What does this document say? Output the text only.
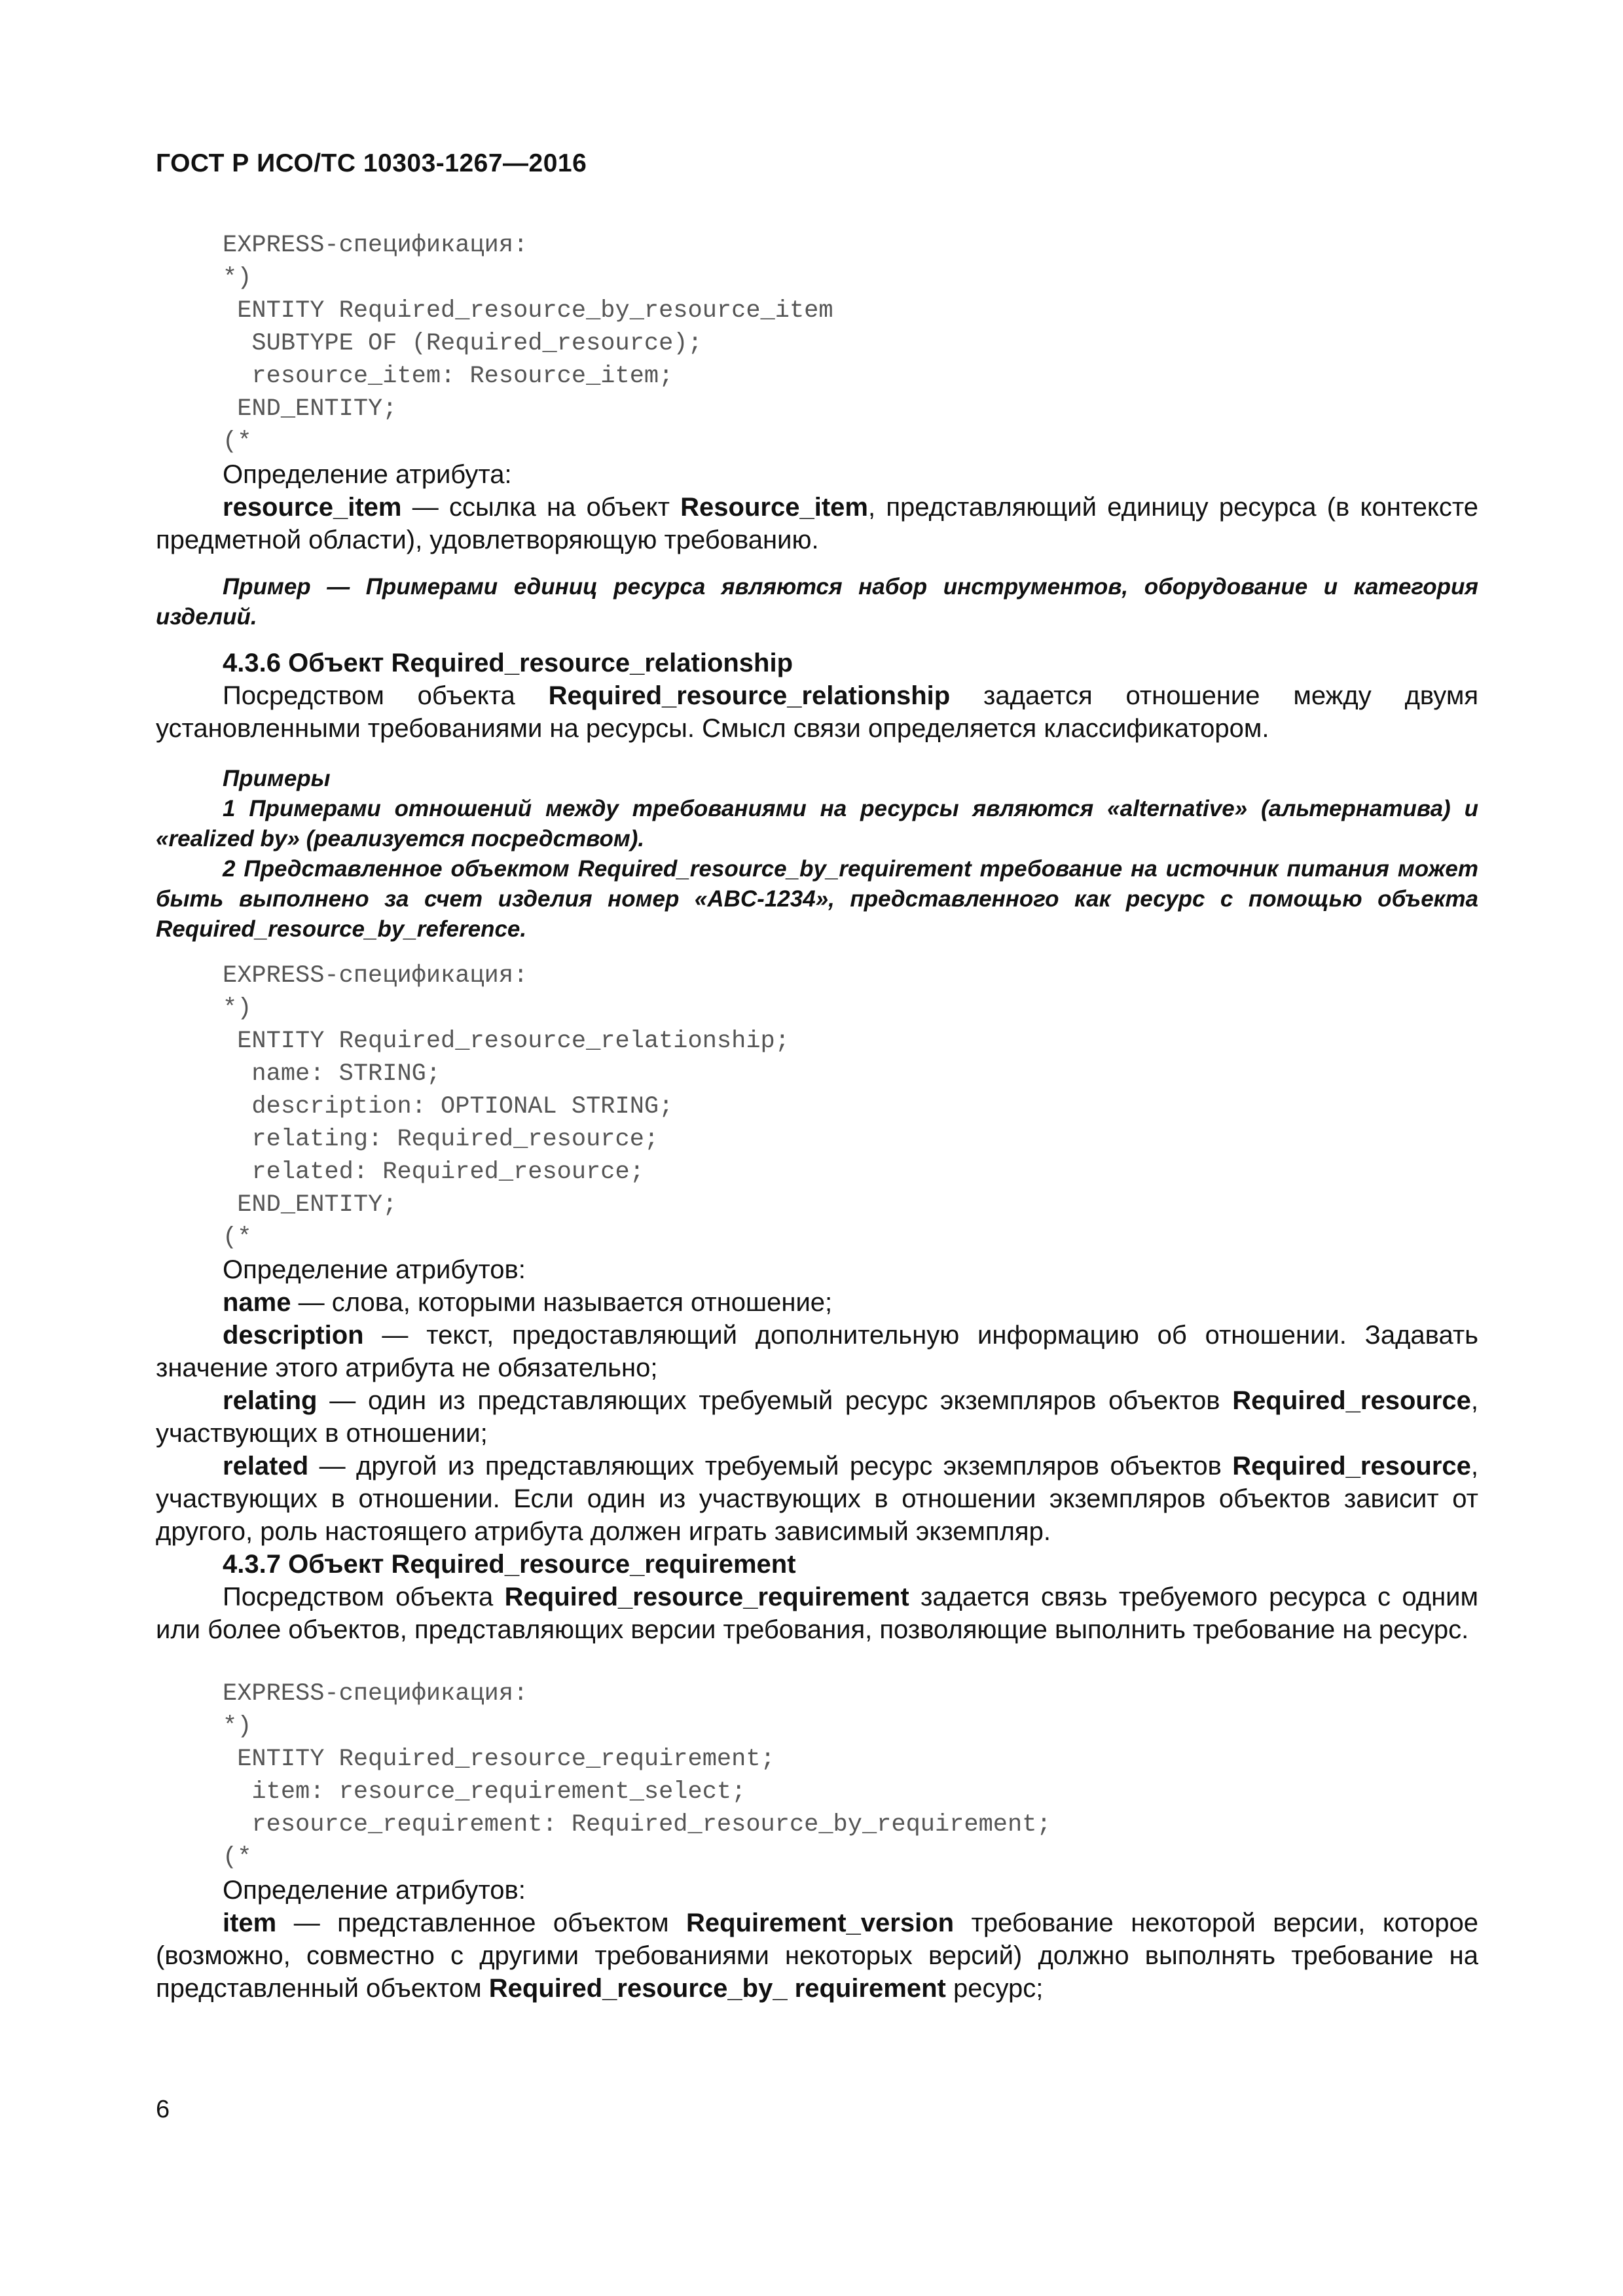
ГОСТ Р ИСО/ТС 10303-1267—2016
EXPRESS-спецификация:
*)
ENTITY Required_resource_by_resource_item
SUBTYPE OF (Required_resource);
resource_item: Resource_item;
END_ENTITY;
(*

Определение атрибута:

resource_item — ссылка на объект Resource_item, представляющий единицу ресурса (в контексте предметной области), удовлетворяющую требованию.

Пример — Примерами единиц ресурса являются набор инструментов, оборудование и категория изделий.

4.3.6 Объект Required_resource_relationship

Посредством объекта Required_resource_relationship задается отношение между двумя установленными требованиями на ресурсы. Смысл связи определяется классификатором.

Примеры

1 Примерами отношений между требованиями на ресурсы являются «alternative» (альтернатива) и «realized by» (реализуется посредством).

2 Представленное объектом Required_resource_by_requirement требование на источник питания может быть выполнено за счет изделия номер «ABC-1234», представленного как ресурс с помощью объекта Required_resource_by_reference.

EXPRESS-спецификация:
*)
ENTITY Required_resource_relationship;
name: STRING;
description: OPTIONAL STRING;
relating: Required_resource;
related: Required_resource;
END_ENTITY;
(*

Определение атрибутов:

name — слова, которыми называется отношение;

description — текст, предоставляющий дополнительную информацию об отношении. Задавать значение этого атрибута не обязательно;

relating — один из представляющих требуемый ресурс экземпляров объектов Required_resource, участвующих в отношении;

related — другой из представляющих требуемый ресурс экземпляров объектов Required_resource, участвующих в отношении. Если один из участвующих в отношении экземпляров объектов зависит от другого, роль настоящего атрибута должен играть зависимый экземпляр.

4.3.7 Объект Required_resource_requirement

Посредством объекта Required_resource_requirement задается связь требуемого ресурса с одним или более объектов, представляющих версии требования, позволяющие выполнить требование на ресурс.

EXPRESS-спецификация:
*)
ENTITY Required_resource_requirement;
item: resource_requirement_select;
resource_requirement: Required_resource_by_requirement;
(*

Определение атрибутов:

item — представленное объектом Requirement_version требование некоторой версии, которое (возможно, совместно с другими требованиями некоторых версий) должно выполнять требование на представленный объектом Required_resource_by_ requirement ресурс;

6
